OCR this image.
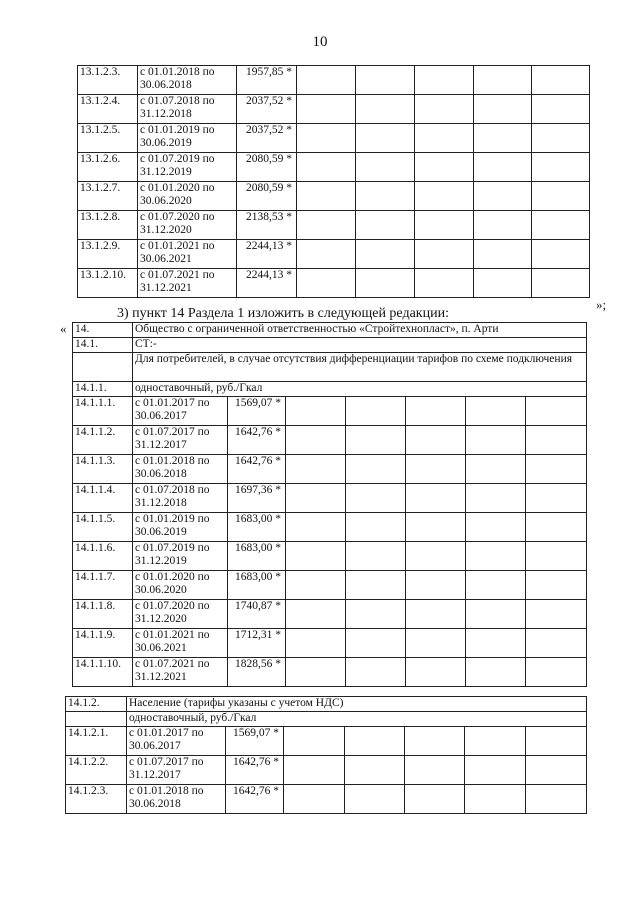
10
13.1.2.3.	с 01.01.2018 по 30.06.2018	1957,85 *					
13.1.2.4.	с 01.07.2018 по 31.12.2018	2037,52 *					
13.1.2.5.	с 01.01.2019 по 30.06.2019	2037,52 *					
13.1.2.6.	с 01.07.2019 по 31.12.2019	2080,59 *					
13.1.2.7.	с 01.01.2020 по 30.06.2020	2080,59 *					
13.1.2.8.	с 01.07.2020 по 31.12.2020	2138,53 *					
13.1.2.9.	с 01.01.2021 по 30.06.2021	2244,13 *					
13.1.2.10.	с 01.07.2021 по 31.12.2021	2244,13 *					
»;
3) пункт 14 Раздела 1 изложить в следующей редакции:
« 14.	Общество с ограниченной ответственностью «Стройтехнопласт», п. Арти						
14.1.	СТ:-						
	Для потребителей, в случае отсутствия дифференциации тарифов по схеме подключения						
14.1.1.	одноставочный, руб./Гкал						
14.1.1.1.	с 01.01.2017 по 30.06.2017	1569,07 *					
14.1.1.2.	с 01.07.2017 по 31.12.2017	1642,76 *					
14.1.1.3.	с 01.01.2018 по 30.06.2018	1642,76 *					
14.1.1.4.	с 01.07.2018 по 31.12.2018	1697,36 *					
14.1.1.5.	с 01.01.2019 по 30.06.2019	1683,00 *					
14.1.1.6.	с 01.07.2019 по 31.12.2019	1683,00 *					
14.1.1.7.	с 01.01.2020 по 30.06.2020	1683,00 *					
14.1.1.8.	с 01.07.2020 по 31.12.2020	1740,87 *					
14.1.1.9.	с 01.01.2021 по 30.06.2021	1712,31 *					
14.1.1.10.	с 01.07.2021 по 31.12.2021	1828,56 *					
14.1.2.	Население (тарифы указаны с учетом НДС)						
	одноставочный, руб./Гкал						
14.1.2.1.	с 01.01.2017 по 30.06.2017	1569,07 *					
14.1.2.2.	с 01.07.2017 по 31.12.2017	1642,76 *					
14.1.2.3.	с 01.01.2018 по 30.06.2018	1642,76 *					
